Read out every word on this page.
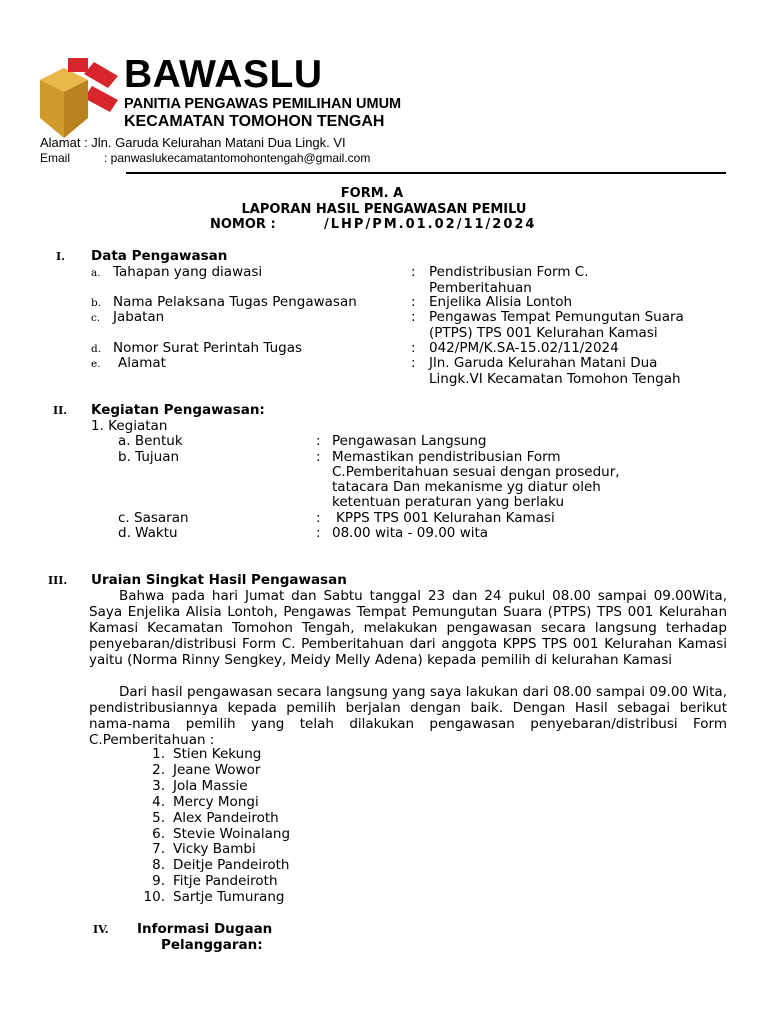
BAWASLU
PANITIA PENGAWAS PEMILIHAN UMUM
KECAMATAN TOMOHON TENGAH
Alamat : Jln. Garuda Kelurahan Matani Dua Lingk. VI
Email	: panwaslukecamatantomohontengah@gmail.com
FORM. A
LAPORAN HASIL PENGAWASAN PEMILU
NOMOR :	/LHP/PM.01.02/11/2024
I. Data Pengawasan
a. Tahapan yang diawasi	: Pendistribusian Form C.
Pemberitahuan
b. Nama Pelaksana Tugas Pengawasan	: Enjelika Alisia Lontoh
c. Jabatan	: Pengawas Tempat Pemungutan Suara
(PTPS) TPS 001 Kelurahan Kamasi
d. Nomor Surat Perintah Tugas	: 042/PM/K.SA-15.02/11/2024
e. Alamat	: Jln. Garuda Kelurahan Matani Dua
Lingk.VI Kecamatan Tomohon Tengah
II. Kegiatan Pengawasan:
1. Kegiatan
a. Bentuk	: Pengawasan Langsung
b. Tujuan	: Memastikan pendistribusian Form
C.Pemberitahuan sesuai dengan prosedur,
tatacara Dan mekanisme yg diatur oleh
ketentuan peraturan yang berlaku
c. Sasaran	: KPPS TPS 001 Kelurahan Kamasi
d. Waktu	: 08.00 wita - 09.00 wita
III. Uraian Singkat Hasil Pengawasan
Bahwa pada hari Jumat dan Sabtu tanggal 23 dan 24 pukul 08.00 sampai 09.00Wita, Saya Enjelika Alisia Lontoh, Pengawas Tempat Pemungutan Suara (PTPS) TPS 001 Kelurahan Kamasi Kecamatan Tomohon Tengah, melakukan pengawasan secara langsung terhadap penyebaran/distribusi Form C. Pemberitahuan dari anggota KPPS TPS 001 Kelurahan Kamasi yaitu (Norma Rinny Sengkey, Meidy Melly Adena) kepada pemilih di kelurahan Kamasi
Dari hasil pengawasan secara langsung yang saya lakukan dari 08.00 sampai 09.00 Wita, pendistribusiannya kepada pemilih berjalan dengan baik. Dengan Hasil sebagai berikut nama-nama pemilih yang telah dilakukan pengawasan penyebaran/distribusi Form C.Pemberitahuan :
1. Stien Kekung
2. Jeane Wowor
3. Jola Massie
4. Mercy Mongi
5. Alex Pandeiroth
6. Stevie Woinalang
7. Vicky Bambi
8. Deitje Pandeiroth
9. Fitje Pandeiroth
10. Sartje Tumurang
IV. Informasi Dugaan
Pelanggaran:
